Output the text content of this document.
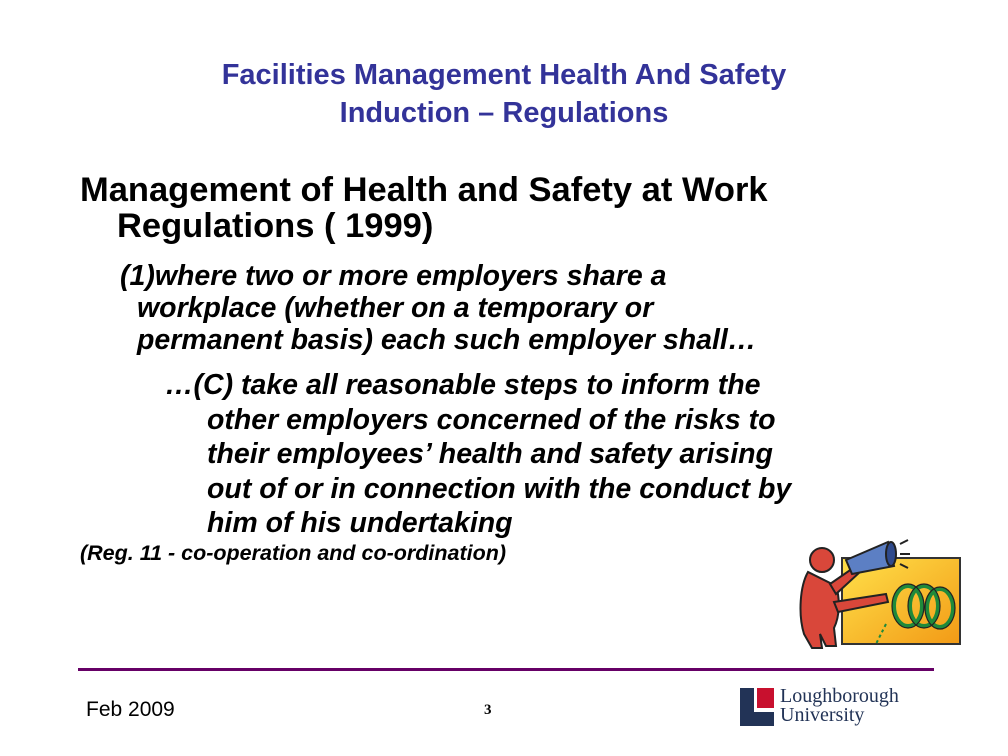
Facilities Management Health And Safety
Induction – Regulations
Management of Health and Safety at Work
Regulations ( 1999)
(1)where two or more employers share a
workplace (whether on a temporary or
permanent basis) each such employer shall…
…(C) take all reasonable steps to inform the
other employers concerned of the risks to
their employees’ health and safety arising
out of or in connection with the conduct by
him of his undertaking
(Reg. 11 - co-operation and co-ordination)
Feb 2009	3
Loughborough
University
